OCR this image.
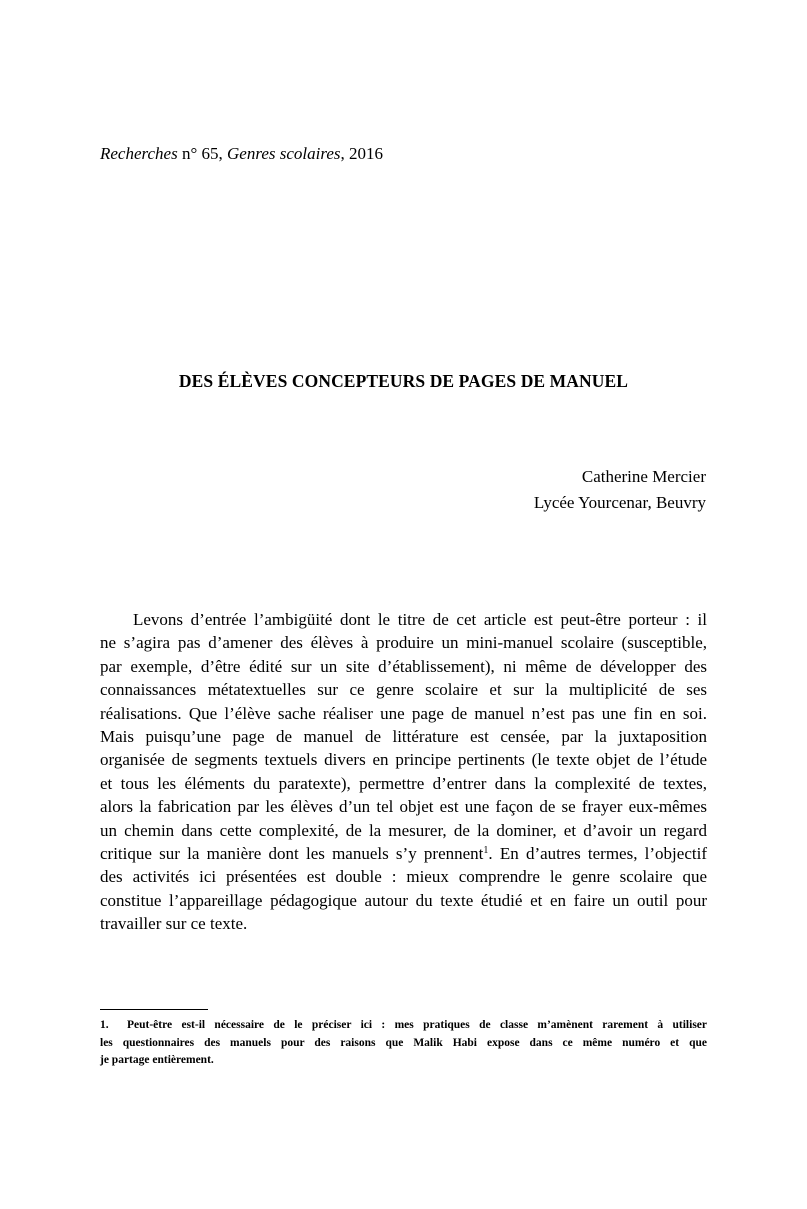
Recherches n° 65, Genres scolaires, 2016
DES ÉLÈVES CONCEPTEURS DE PAGES DE MANUEL
Catherine Mercier
Lycée Yourcenar, Beuvry
Levons d’entrée l’ambigüité dont le titre de cet article est peut-être porteur : il
ne s’agira pas d’amener des élèves à produire un mini-manuel scolaire (susceptible,
par exemple, d’être édité sur un site d’établissement), ni même de développer des
connaissances métatextuelles sur ce genre scolaire et sur la multiplicité de ses
réalisations. Que l’élève sache réaliser une page de manuel n’est pas une fin en soi.
Mais puisqu’une page de manuel de littérature est censée, par la juxtaposition
organisée de segments textuels divers en principe pertinents (le texte objet de l’étude
et tous les éléments du paratexte), permettre d’entrer dans la complexité de textes,
alors la fabrication par les élèves d’un tel objet est une façon de se frayer eux-mêmes
un chemin dans cette complexité, de la mesurer, de la dominer, et d’avoir un regard
critique sur la manière dont les manuels s’y prennent$^1$. En d’autres termes, l’objectif
des activités ici présentées est double : mieux comprendre le genre scolaire que
constitue l’appareillage pédagogique autour du texte étudié et en faire un outil pour
travailler sur ce texte.
1.	Peut-être est-il nécessaire de le préciser ici : mes pratiques de classe m’amènent rarement à utiliser
les questionnaires des manuels pour des raisons que Malik Habi expose dans ce même numéro et que
je partage entièrement.
